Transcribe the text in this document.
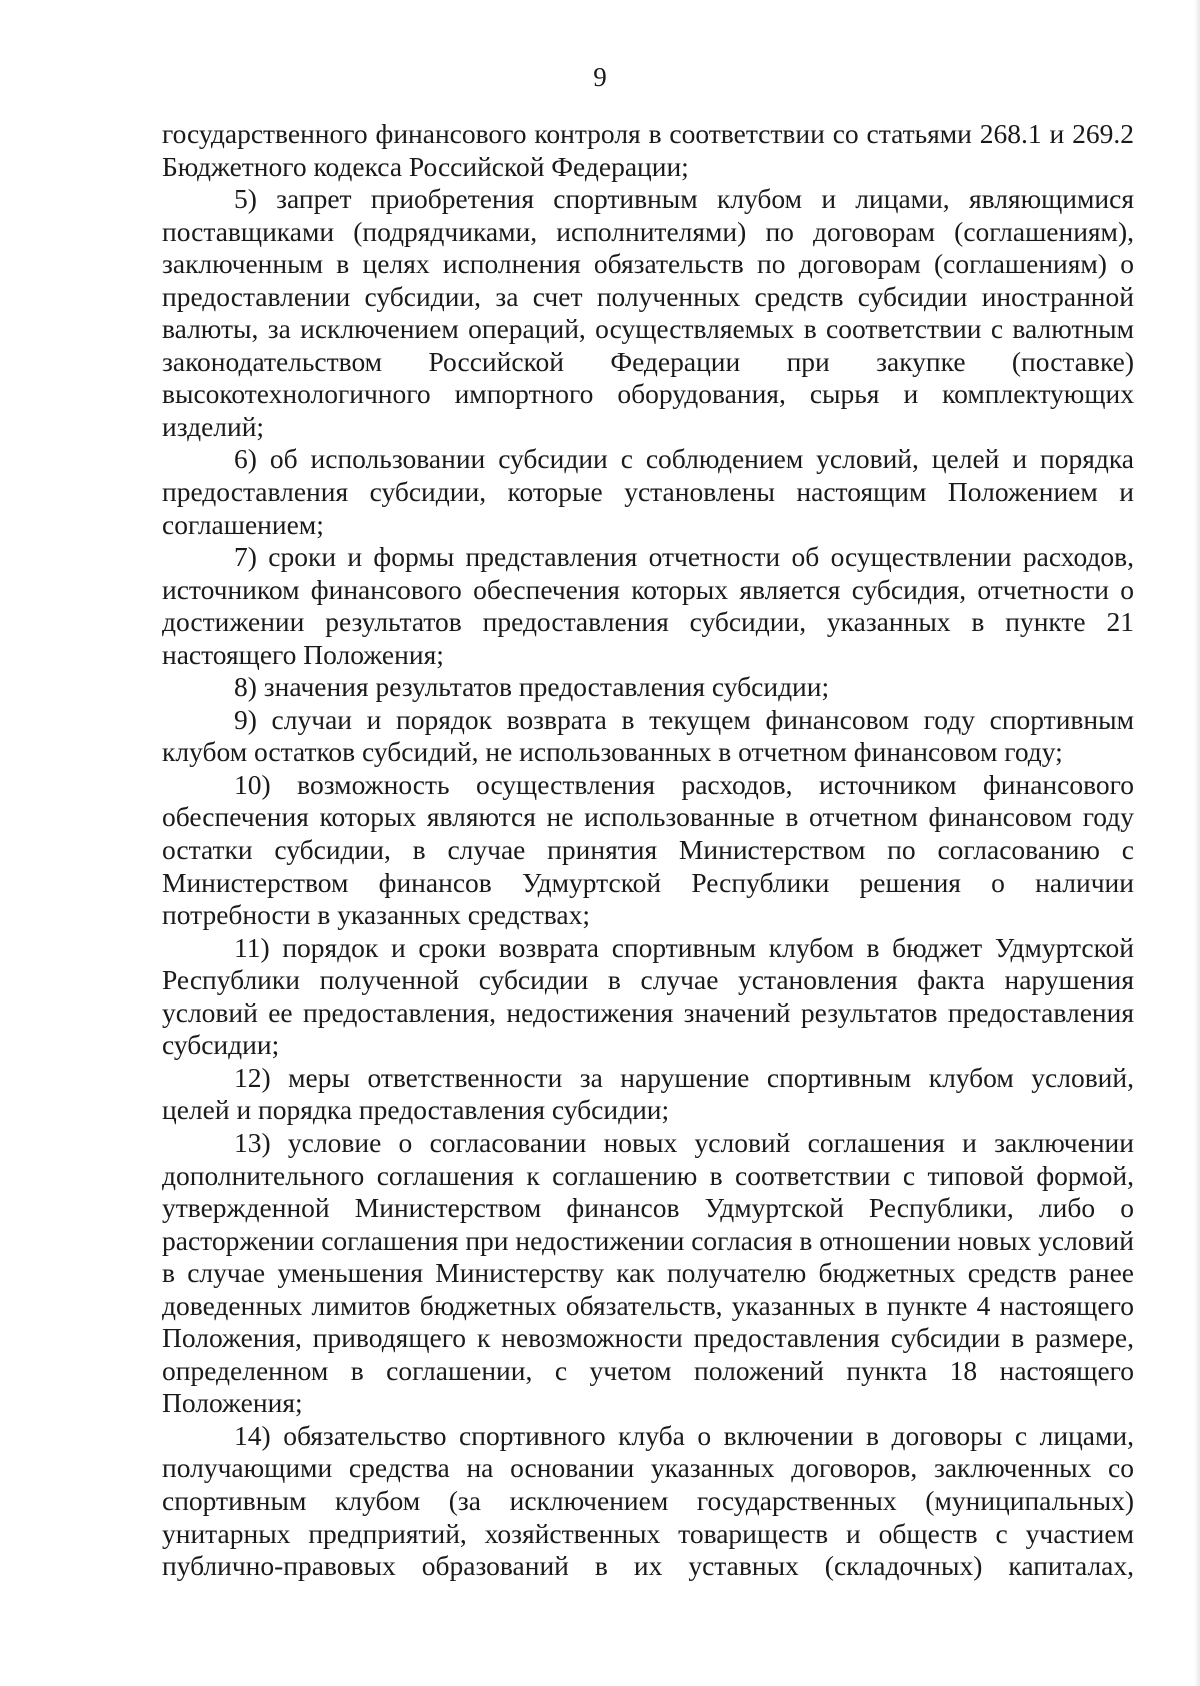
9

государственного финансового контроля в соответствии со статьями 268.1 и 269.2 Бюджетного кодекса Российской Федерации;

5) запрет приобретения спортивным клубом и лицами, являющимися поставщиками (подрядчиками, исполнителями) по договорам (соглашениям), заключенным в целях исполнения обязательств по договорам (соглашениям) о предоставлении субсидии, за счет полученных средств субсидии иностранной валюты, за исключением операций, осуществляемых в соответствии с валютным законодательством Российской Федерации при закупке (поставке) высокотехнологичного импортного оборудования, сырья и комплектующих изделий;

6) об использовании субсидии с соблюдением условий, целей и порядка предоставления субсидии, которые установлены настоящим Положением и соглашением;

7) сроки и формы представления отчетности об осуществлении расходов, источником финансового обеспечения которых является субсидия, отчетности о достижении результатов предоставления субсидии, указанных в пункте 21 настоящего Положения;

8) значения результатов предоставления субсидии;

9) случаи и порядок возврата в текущем финансовом году спортивным клубом остатков субсидий, не использованных в отчетном финансовом году;

10) возможность осуществления расходов, источником финансового обеспечения которых являются не использованные в отчетном финансовом году остатки субсидии, в случае принятия Министерством по согласованию с Министерством финансов Удмуртской Республики решения о наличии потребности в указанных средствах;

11) порядок и сроки возврата спортивным клубом в бюджет Удмуртской Республики полученной субсидии в случае установления факта нарушения условий ее предоставления, недостижения значений результатов предоставления субсидии;

12) меры ответственности за нарушение спортивным клубом условий, целей и порядка предоставления субсидии;

13) условие о согласовании новых условий соглашения и заключении дополнительного соглашения к соглашению в соответствии с типовой формой, утвержденной Министерством финансов Удмуртской Республики, либо о расторжении соглашения при недостижении согласия в отношении новых условий в случае уменьшения Министерству как получателю бюджетных средств ранее доведенных лимитов бюджетных обязательств, указанных в пункте 4 настоящего Положения, приводящего к невозможности предоставления субсидии в размере, определенном в соглашении, с учетом положений пункта 18 настоящего Положения;

14) обязательство спортивного клуба о включении в договоры с лицами, получающими средства на основании указанных договоров, заключенных со спортивным клубом (за исключением государственных (муниципальных) унитарных предприятий, хозяйственных товариществ и обществ с участием публично-правовых образований в их уставных (складочных) капиталах,
